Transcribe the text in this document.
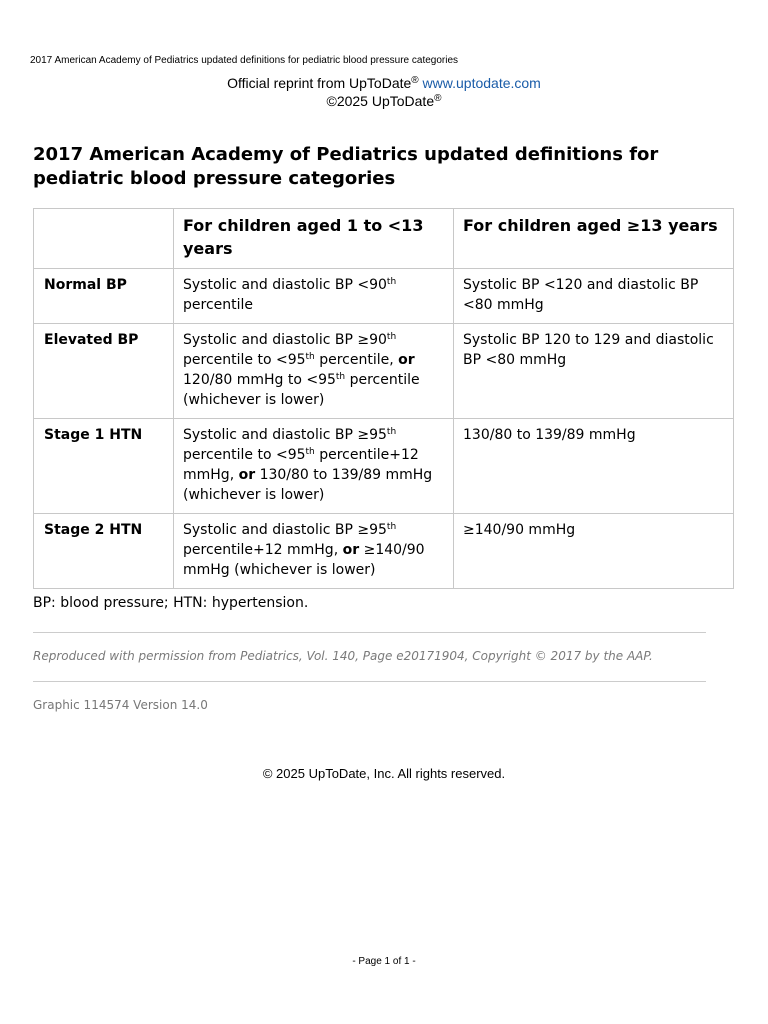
2017 American Academy of Pediatrics updated definitions for pediatric blood pressure categories
Official reprint from UpToDate® www.uptodate.com
©2025 UpToDate®
2017 American Academy of Pediatrics updated definitions for pediatric blood pressure categories
	For children aged 1 to <13 years	For children aged ≥13 years
Normal BP	Systolic and diastolic BP <90th percentile	Systolic BP <120 and diastolic BP <80 mmHg
Elevated BP	Systolic and diastolic BP ≥90th percentile to <95th percentile, or 120/80 mmHg to <95th percentile (whichever is lower)	Systolic BP 120 to 129 and diastolic BP <80 mmHg
Stage 1 HTN	Systolic and diastolic BP ≥95th percentile to <95th percentile+12 mmHg, or 130/80 to 139/89 mmHg (whichever is lower)	130/80 to 139/89 mmHg
Stage 2 HTN	Systolic and diastolic BP ≥95th percentile+12 mmHg, or ≥140/90 mmHg (whichever is lower)	≥140/90 mmHg
BP: blood pressure; HTN: hypertension.
Reproduced with permission from Pediatrics, Vol. 140, Page e20171904, Copyright © 2017 by the AAP.
Graphic 114574 Version 14.0
© 2025 UpToDate, Inc. All rights reserved.
- Page 1 of 1 -
